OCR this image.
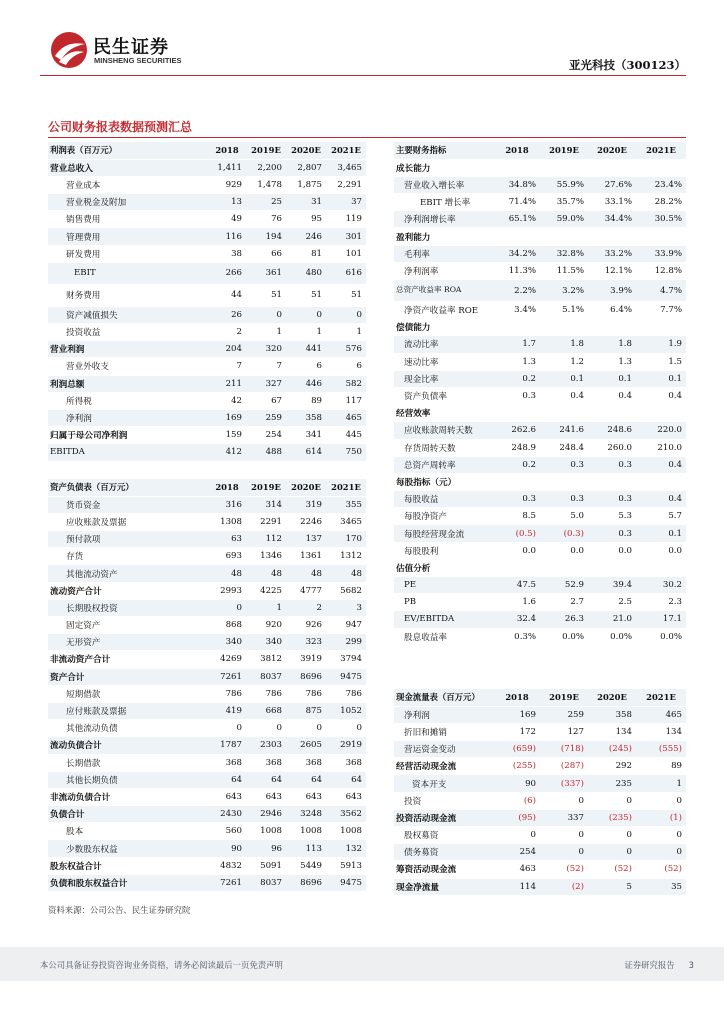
民生证券
MINSHENG SECURITIES	亚光科技（300123）
公司财务报表数据预测汇总
利润表（百万元）	2018	2019E	2020E	2021E
营业总收入	1,411	2,200	2,807	3,465
营业成本	929	1,478	1,875	2,291
营业税金及附加	13	25	31	37
销售费用	49	76	95	119
管理费用	116	194	246	301
研发费用	38	66	81	101
EBIT	266	361	480	616
财务费用	44	51	51	51
资产减值损失	26	0	0	0
投资收益	2	1	1	1
营业利润	204	320	441	576
营业外收支	7	7	6	6
利润总额	211	327	446	582
所得税	42	67	89	117
净利润	169	259	358	465
归属于母公司净利润	159	254	341	445
EBITDA	412	488	614	750
资产负债表（百万元）	2018	2019E	2020E	2021E
货币资金	316	314	319	355
应收账款及票据	1308	2291	2246	3465
预付款项	63	112	137	170
存货	693	1346	1361	1312
其他流动资产	48	48	48	48
流动资产合计	2993	4225	4777	5682
长期股权投资	0	1	2	3
固定资产	868	920	926	947
无形资产	340	340	323	299
非流动资产合计	4269	3812	3919	3794
资产合计	7261	8037	8696	9475
短期借款	786	786	786	786
应付账款及票据	419	668	875	1052
其他流动负债	0	0	0	0
流动负债合计	1787	2303	2605	2919
长期借款	368	368	368	368
其他长期负债	64	64	64	64
非流动负债合计	643	643	643	643
负债合计	2430	2946	3248	3562
股本	560	1008	1008	1008
少数股东权益	90	96	113	132
股东权益合计	4832	5091	5449	5913
负债和股东权益合计	7261	8037	8696	9475
主要财务指标	2018	2019E	2020E	2021E
成长能力				
营业收入增长率	34.8%	55.9%	27.6%	23.4%
EBIT 增长率	71.4%	35.7%	33.1%	28.2%
净利润增长率	65.1%	59.0%	34.4%	30.5%
盈利能力				
毛利率	34.2%	32.8%	33.2%	33.9%
净利润率	11.3%	11.5%	12.1%	12.8%
总资产收益率 ROA	2.2%	3.2%	3.9%	4.7%
净资产收益率 ROE	3.4%	5.1%	6.4%	7.7%
偿债能力				
流动比率	1.7	1.8	1.8	1.9
速动比率	1.3	1.2	1.3	1.5
现金比率	0.2	0.1	0.1	0.1
资产负债率	0.3	0.4	0.4	0.4
经营效率				
应收账款周转天数	262.6	241.6	248.6	220.0
存货周转天数	248.9	248.4	260.0	210.0
总资产周转率	0.2	0.3	0.3	0.4
每股指标（元）				
每股收益	0.3	0.3	0.3	0.4
每股净资产	8.5	5.0	5.3	5.7
每股经营现金流	(0.5)	(0.3)	0.3	0.1
每股股利	0.0	0.0	0.0	0.0
估值分析				
PE	47.5	52.9	39.4	30.2
PB	1.6	2.7	2.5	2.3
EV/EBITDA	32.4	26.3	21.0	17.1
股息收益率	0.3%	0.0%	0.0%	0.0%
现金流量表（百万元）	2018	2019E	2020E	2021E
净利润	169	259	358	465
折旧和摊销	172	127	134	134
营运资金变动	(659)	(718)	(245)	(555)
经营活动现金流	(255)	(287)	292	89
资本开支	90	(337)	235	1
投资	(6)	0	0	0
投资活动现金流	(95)	337	(235)	(1)
股权募资	0	0	0	0
债务募资	254	0	0	0
筹资活动现金流	463	(52)	(52)	(52)
现金净流量	114	(2)	5	35
资料来源：公司公告、民生证券研究院
本公司具备证券投资咨询业务资格，请务必阅读最后一页免责声明	证券研究报告 3
